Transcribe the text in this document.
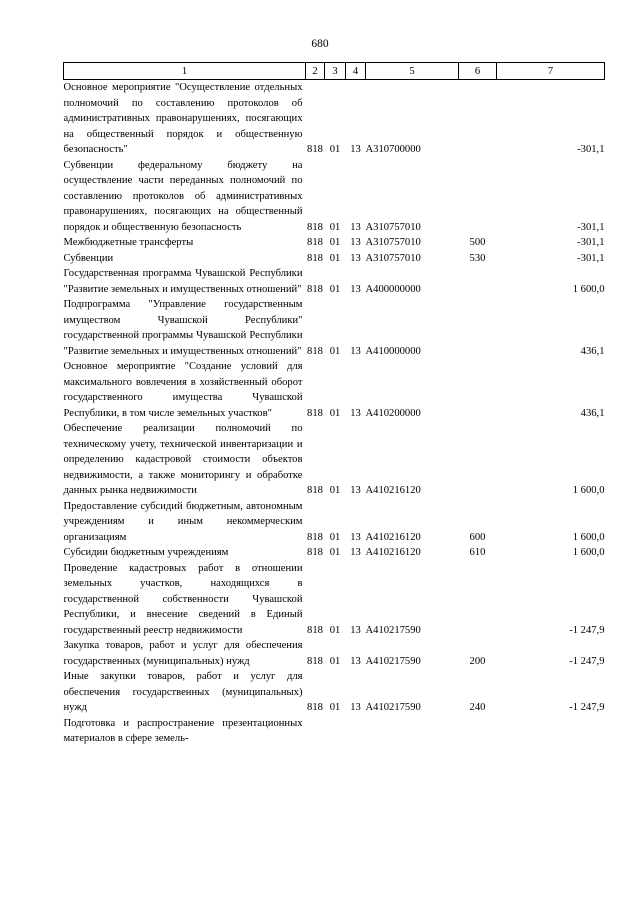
680
1	2	3	4	5	6	7
Основное мероприятие "Осуществление отдельных полномочий по составлению протоколов об административных правонарушениях, посягающих на общественный порядок и общественную безопасность"	818	01	13	А310700000		-301,1
Субвенции федеральному бюджету на осуществление части переданных полномочий по составлению протоколов об административных правонарушениях, посягающих на общественный порядок и общественную безопасность	818	01	13	А310757010		-301,1
Межбюджетные трансферты	818	01	13	А310757010	500	-301,1
Субвенции	818	01	13	А310757010	530	-301,1
Государственная программа Чувашской Республики "Развитие земельных и имущественных отношений"	818	01	13	А400000000		1 600,0
Подпрограмма "Управление государственным имуществом Чувашской Республики" государственной программы Чувашской Республики "Развитие земельных и имущественных отношений"	818	01	13	А410000000		436,1
Основное мероприятие "Создание условий для максимального вовлечения в хозяйственный оборот государственного имущества Чувашской Республики, в том числе земельных участков"	818	01	13	А410200000		436,1
Обеспечение реализации полномочий по техническому учету, технической инвентаризации и определению кадастровой стоимости объектов недвижимости, а также мониторингу и обработке данных рынка недвижимости	818	01	13	А410216120		1 600,0
Предоставление субсидий бюджетным, автономным учреждениям и иным некоммерческим организациям	818	01	13	А410216120	600	1 600,0
Субсидии бюджетным учреждениям	818	01	13	А410216120	610	1 600,0
Проведение кадастровых работ в отношении земельных участков, находящихся в государственной собственности Чувашской Республики, и внесение сведений в Единый государственный реестр недвижимости	818	01	13	А410217590		-1 247,9
Закупка товаров, работ и услуг для обеспечения государственных (муниципальных) нужд	818	01	13	А410217590	200	-1 247,9
Иные закупки товаров, работ и услуг для обеспечения государственных (муниципальных) нужд	818	01	13	А410217590	240	-1 247,9
Подготовка и распространение презентационных материалов в сфере земель-						
